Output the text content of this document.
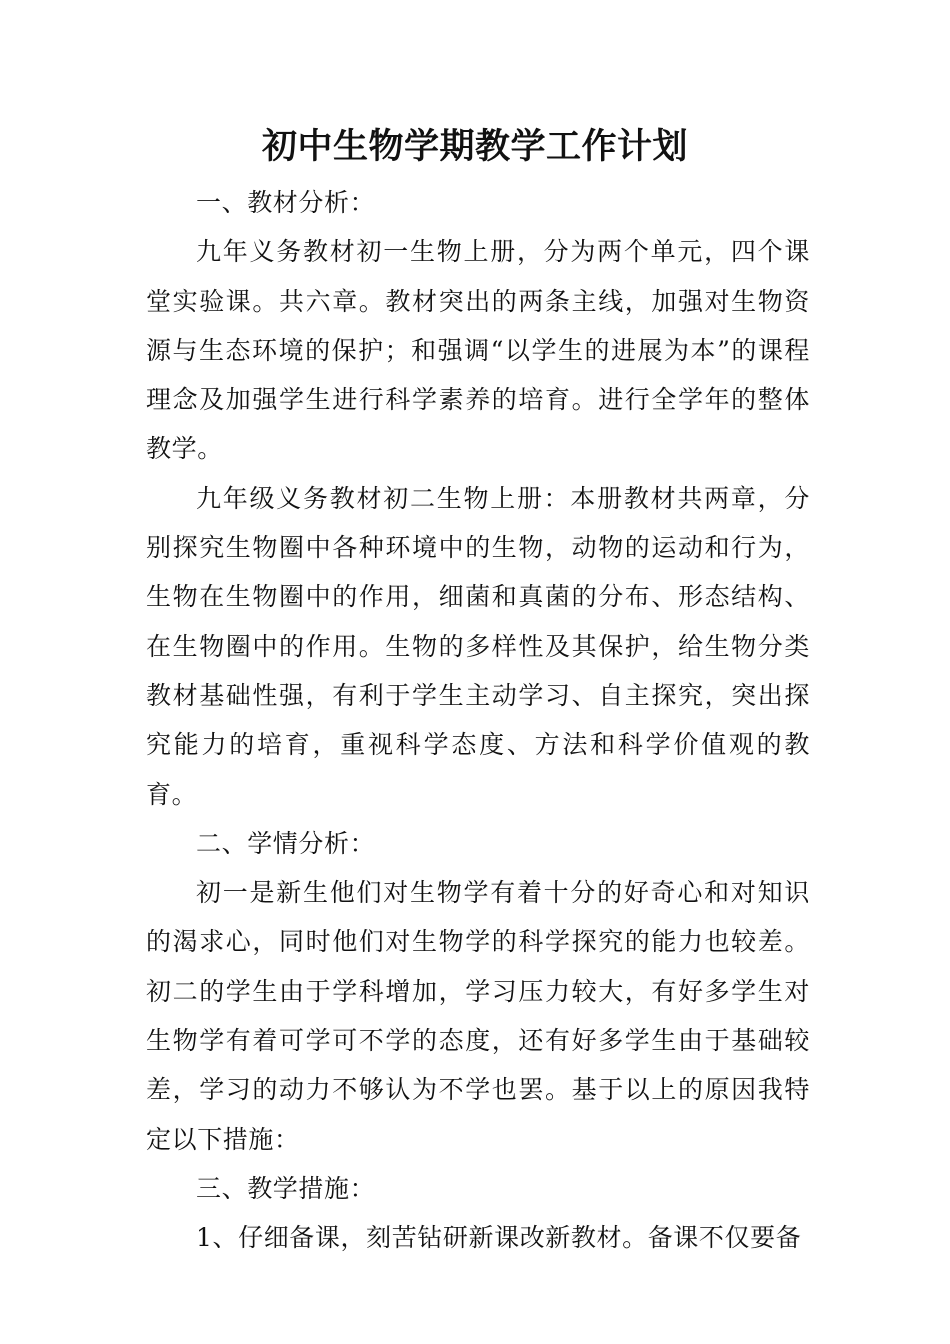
初中生物学期教学工作计划

一、教材分析：

九年义务教材初一生物上册，分为两个单元，四个课堂实验课。共六章。教材突出的两条主线，加强对生物资源与生态环境的保护；和强调“以学生的进展为本”的课程理念及加强学生进行科学素养的培育。进行全学年的整体教学。

九年级义务教材初二生物上册：本册教材共两章，分别探究生物圈中各种环境中的生物，动物的运动和行为，生物在生物圈中的作用，细菌和真菌的分布、形态结构、在生物圈中的作用。生物的多样性及其保护，给生物分类教材基础性强，有利于学生主动学习、自主探究，突出探究能力的培育，重视科学态度、方法和科学价值观的教育。

二、学情分析：

初一是新生他们对生物学有着十分的好奇心和对知识的渴求心，同时他们对生物学的科学探究的能力也较差。初二的学生由于学科增加，学习压力较大，有好多学生对生物学有着可学可不学的态度，还有好多学生由于基础较差，学习的动力不够认为不学也罢。基于以上的原因我特定以下措施：

三、教学措施：

1、仔细备课，刻苦钻研新课改新教材。备课不仅要备
